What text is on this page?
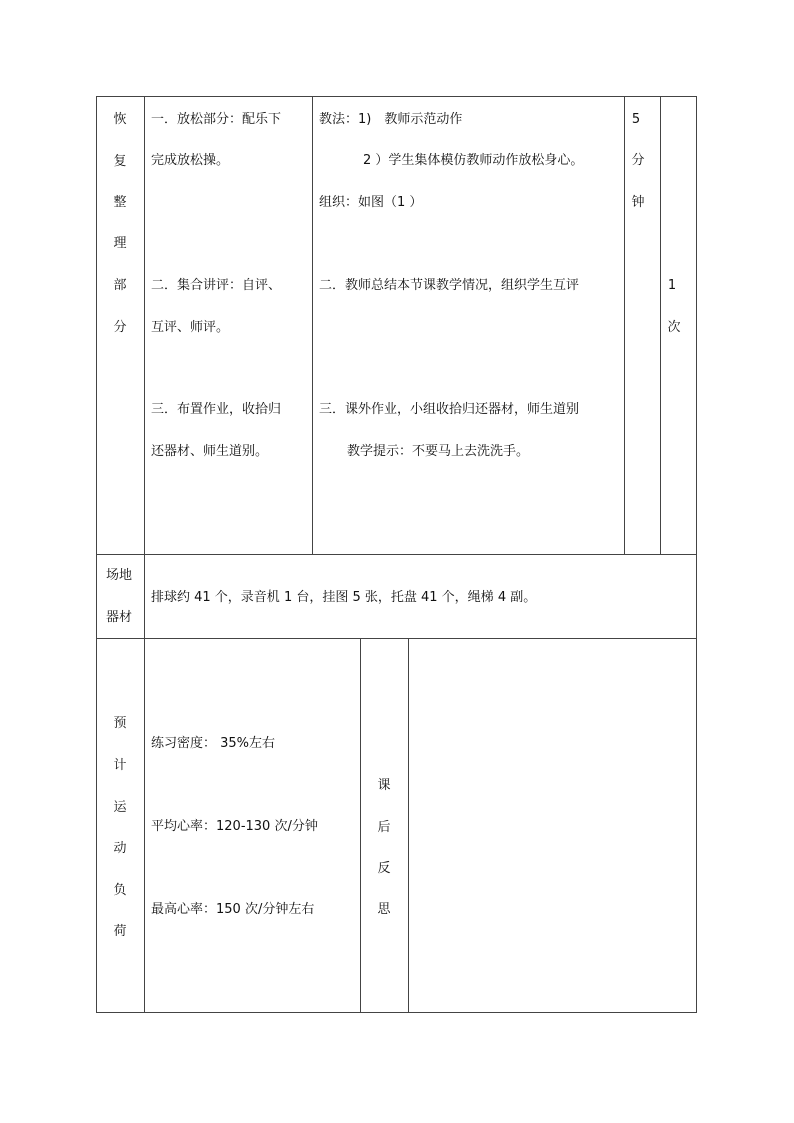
恢
复
整
理
部
分
一．放松部分：配乐下
完成放松操。
二．集合讲评：自评、
互评、师评。
三．布置作业，收拾归
还器材、师生道别。
教法：1)　教师示范动作
2 ）学生集体模仿教师动作放松身心。
组织：如图（1 ）
二．教师总结本节课教学情况，组织学生互评
三．课外作业，小组收拾归还器材，师生道别
教学提示：不要马上去洗洗手。
5
分
钟
1
次
场地
器材
排球约 41 个，录音机 1 台，挂图 5 张，托盘 41 个，绳梯 4 副。
预
计
运
动
负
荷
练习密度： 35%左右
平均心率：120-130 次/分钟
最高心率：150 次/分钟左右
课
后
反
思
